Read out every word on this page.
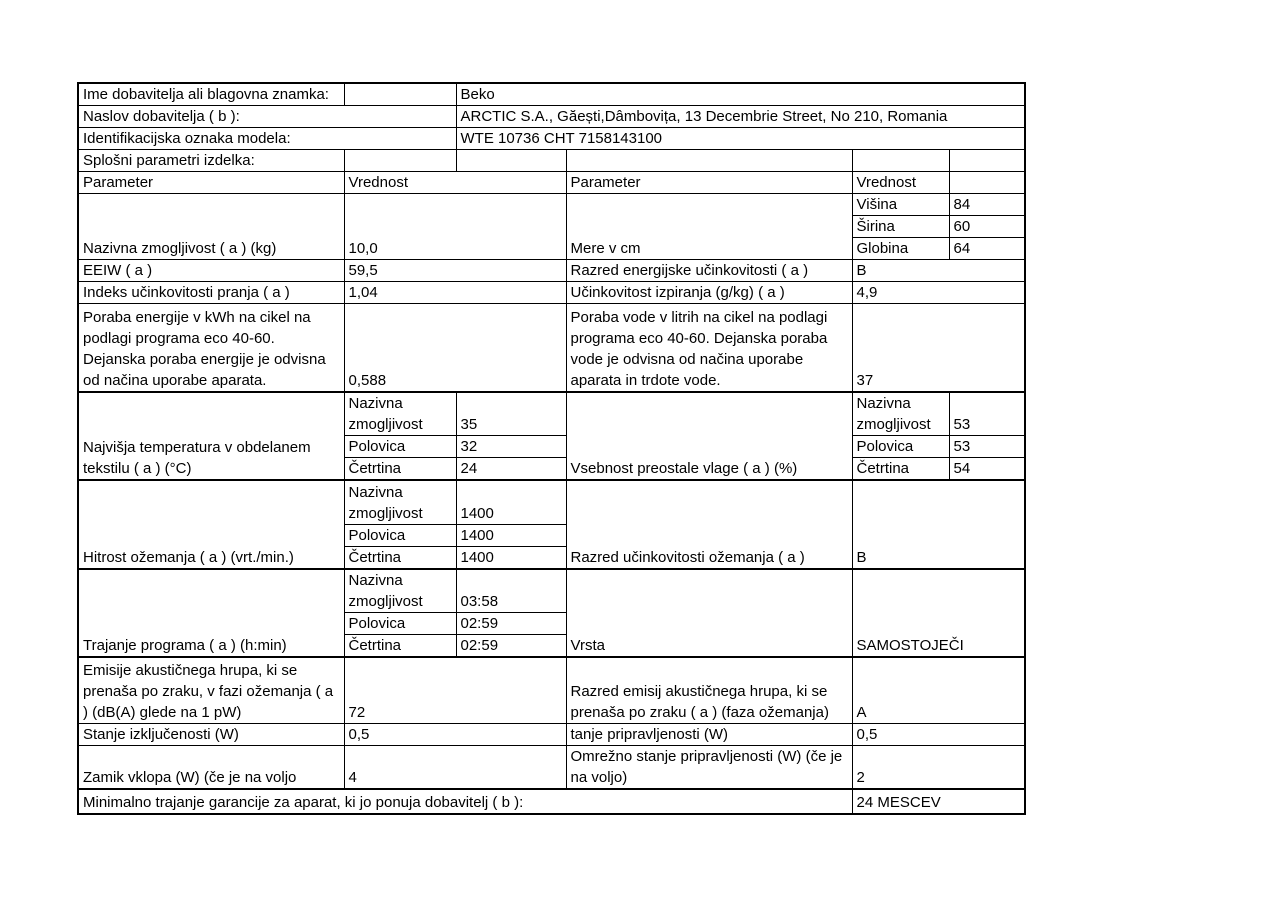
Ime dobavitelja ali blagovna znamka:		Beko			
Naslov dobavitelja ( b ):		ARCTIC S.A., Găești,Dâmbovița, 13 Decembrie Street, No 210, Romania			
Identifikacijska oznaka modela:		WTE 10736 CHT 7158143100			
Splošni parametri izdelka:					
Parameter	Vrednost		Parameter	Vrednost	
Nazivna zmogljivost ( a ) (kg)	10,0		Mere v cm	Višina	84
				Širina	60
				Globina	64
EEIW ( a )	59,5		Razred energijske učinkovitosti ( a )	B	
Indeks učinkovitosti pranja ( a )	1,04		Učinkovitost izpiranja (g/kg) ( a )	4,9	
Poraba energije v kWh na cikel na podlagi programa eco 40-60. Dejanska poraba energije je odvisna od načina uporabe aparata.	0,588		Poraba vode v litrih na cikel na podlagi programa eco 40-60. Dejanska poraba vode je odvisna od načina uporabe aparata in trdote vode.	37	
Najvišja temperatura v obdelanem tekstilu ( a ) (°C)	Nazivna zmogljivost	35	Vsebnost preostale vlage ( a ) (%)	Nazivna zmogljivost	53
	Polovica	32		Polovica	53
	Četrtina	24		Četrtina	54
Hitrost ožemanja ( a ) (vrt./min.)	Nazivna zmogljivost	1400	Razred učinkovitosti ožemanja ( a )	B	
	Polovica	1400			
	Četrtina	1400			
Trajanje programa ( a ) (h:min)	Nazivna zmogljivost	03:58	Vrsta	SAMOSTOJEČI	
	Polovica	02:59			
	Četrtina	02:59			
Emisije akustičnega hrupa, ki se prenaša po zraku, v fazi ožemanja ( a ) (dB(A) glede na 1 pW)	72		Razred emisij akustičnega hrupa, ki se prenaša po zraku ( a ) (faza ožemanja)	A	
Stanje izključenosti (W)	0,5		tanje pripravljenosti (W)	0,5	
Zamik vklopa (W) (če je na voljo	4		Omrežno stanje pripravljenosti (W) (če je na voljo)	2	
Minimalno trajanje garancije za aparat, ki jo ponuja dobavitelj ( b ):				24 MESCEV	
